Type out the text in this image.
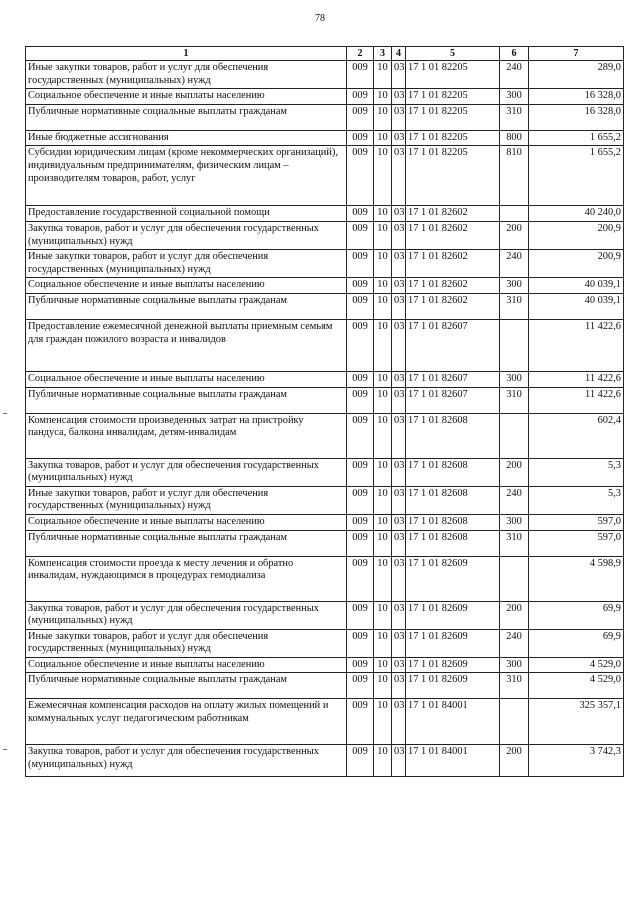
78
1	2	3	4	5	6	7
Иные закупки товаров, работ и услуг для обеспечения государственных (муниципальных) нужд	009	10	03	17 1 01 82205	240	289,0
Социальное обеспечение и иные выплаты населению	009	10	03	17 1 01 82205	300	16 328,0
Публичные нормативные социальные выплаты гражданам	009	10	03	17 1 01 82205	310	16 328,0
Иные бюджетные ассигнования	009	10	03	17 1 01 82205	800	1 655,2
Субсидии юридическим лицам (кроме некоммерческих организаций), индивидуальным предпринимателям, физическим лицам – производителям товаров, работ, услуг	009	10	03	17 1 01 82205	810	1 655,2
Предоставление государственной социальной помощи	009	10	03	17 1 01 82602		40 240,0
Закупка товаров, работ и услуг для обеспечения государственных (муниципальных) нужд	009	10	03	17 1 01 82602	200	200,9
Иные закупки товаров, работ и услуг для обеспечения государственных (муниципальных) нужд	009	10	03	17 1 01 82602	240	200,9
Социальное обеспечение и иные выплаты населению	009	10	03	17 1 01 82602	300	40 039,1
Публичные нормативные социальные выплаты гражданам	009	10	03	17 1 01 82602	310	40 039,1
Предоставление ежемесячной денежной выплаты приемным семьям для граждан пожилого возраста и инвалидов	009	10	03	17 1 01 82607		11 422,6
Социальное обеспечение и иные выплаты населению	009	10	03	17 1 01 82607	300	11 422,6
Публичные нормативные социальные выплаты гражданам	009	10	03	17 1 01 82607	310	11 422,6
Компенсация стоимости произведенных затрат на пристройку пандуса, балкона инвалидам, детям-инвалидам	009	10	03	17 1 01 82608		602,4
Закупка товаров, работ и услуг для обеспечения государственных (муниципальных) нужд	009	10	03	17 1 01 82608	200	5,3
Иные закупки товаров, работ и услуг для обеспечения государственных (муниципальных) нужд	009	10	03	17 1 01 82608	240	5,3
Социальное обеспечение и иные выплаты населению	009	10	03	17 1 01 82608	300	597,0
Публичные нормативные социальные выплаты гражданам	009	10	03	17 1 01 82608	310	597,0
Компенсация стоимости проезда к месту лечения и обратно инвалидам, нуждающимся в процедурах гемодиализа	009	10	03	17 1 01 82609		4 598,9
Закупка товаров, работ и услуг для обеспечения государственных (муниципальных) нужд	009	10	03	17 1 01 82609	200	69,9
Иные закупки товаров, работ и услуг для обеспечения государственных (муниципальных) нужд	009	10	03	17 1 01 82609	240	69,9
Социальное обеспечение и иные выплаты населению	009	10	03	17 1 01 82609	300	4 529,0
Публичные нормативные социальные выплаты гражданам	009	10	03	17 1 01 82609	310	4 529,0
Ежемесячная компенсация расходов на оплату жилых помещений и коммунальных услуг педагогическим работникам	009	10	03	17 1 01 84001		325 357,1
Закупка товаров, работ и услуг для обеспечения государственных (муниципальных) нужд	009	10	03	17 1 01 84001	200	3 742,3
